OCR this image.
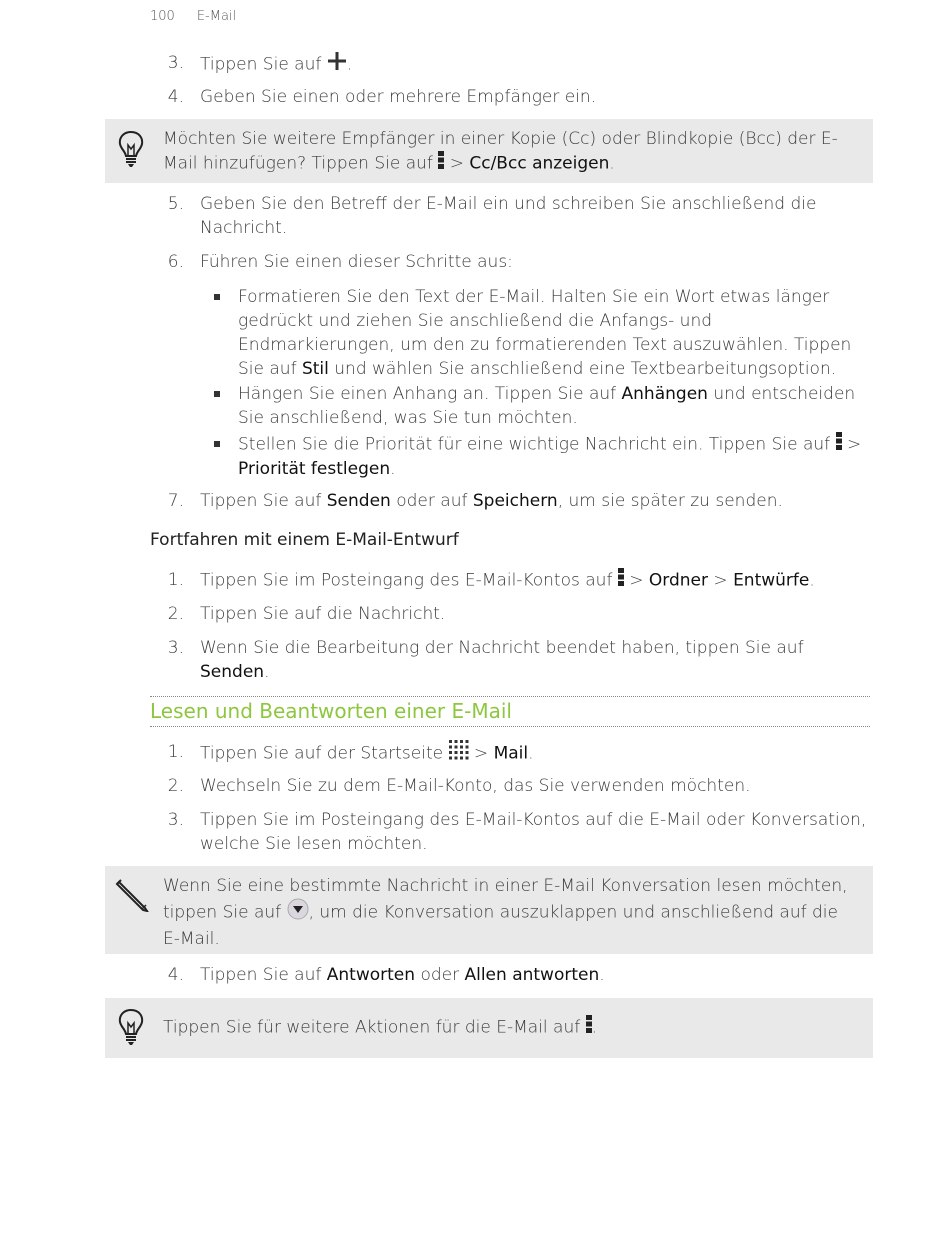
100 E-Mail
3. Tippen Sie auf .
4. Geben Sie einen oder mehrere Empfänger ein.
Möchten Sie weitere Empfänger in einer Kopie (Cc) oder Blindkopie (Bcc) der E-Mail hinzufügen? Tippen Sie auf  > Cc/Bcc anzeigen.
5. Geben Sie den Betreff der E-Mail ein und schreiben Sie anschließend die
Nachricht.
6. Führen Sie einen dieser Schritte aus:
Formatieren Sie den Text der E-Mail. Halten Sie ein Wort etwas länger gedrückt und ziehen Sie anschließend die Anfangs- und Endmarkierungen, um den zu formatierenden Text auszuwählen. Tippen Sie auf Stil und wählen Sie anschließend eine Textbearbeitungsoption.
Hängen Sie einen Anhang an. Tippen Sie auf Anhängen und entscheiden Sie anschließend, was Sie tun möchten.
Stellen Sie die Priorität für eine wichtige Nachricht ein. Tippen Sie auf  > Priorität festlegen.
7. Tippen Sie auf Senden oder auf Speichern, um sie später zu senden.
Fortfahren mit einem E-Mail-Entwurf
1. Tippen Sie im Posteingang des E-Mail-Kontos auf  > Ordner > Entwürfe.
2. Tippen Sie auf die Nachricht.
3. Wenn Sie die Bearbeitung der Nachricht beendet haben, tippen Sie auf Senden.
Lesen und Beantworten einer E-Mail
1. Tippen Sie auf der Startseite  > Mail.
2. Wechseln Sie zu dem E-Mail-Konto, das Sie verwenden möchten.
3. Tippen Sie im Posteingang des E-Mail-Kontos auf die E-Mail oder Konversation,
welche Sie lesen möchten.
Wenn Sie eine bestimmte Nachricht in einer E-Mail Konversation lesen möchten, tippen Sie auf , um die Konversation auszuklappen und anschließend auf die E-Mail.
4. Tippen Sie auf Antworten oder Allen antworten.
Tippen Sie für weitere Aktionen für die E-Mail auf .
